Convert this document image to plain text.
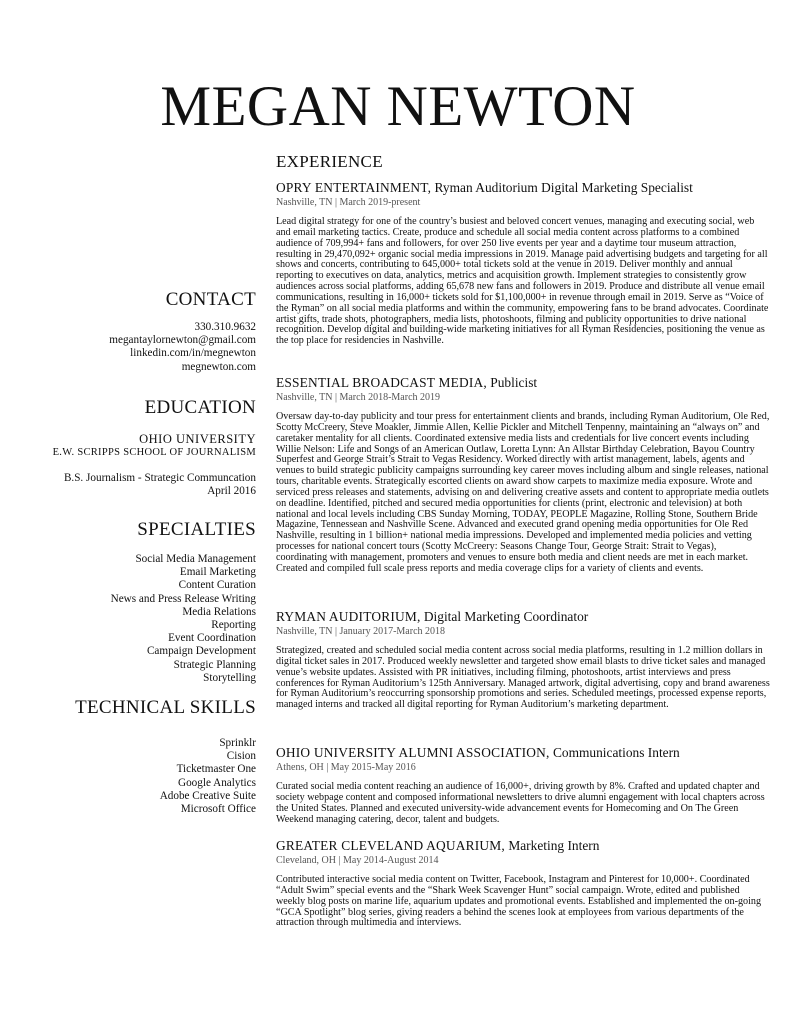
MEGAN NEWTON
CONTACT
330.310.9632
megantaylornewton@gmail.com
linkedin.com/in/megnewton
megnewton.com
EDUCATION
OHIO UNIVERSITY
E.W. SCRIPPS SCHOOL OF JOURNALISM
B.S. Journalism - Strategic Communcation
April 2016
SPECIALTIES
Social Media Management
Email Marketing
Content Curation
News and Press Release Writing
Media Relations
Reporting
Event Coordination
Campaign Development
Strategic Planning
Storytelling
TECHNICAL SKILLS
Sprinklr
Cision
Ticketmaster One
Google Analytics
Adobe Creative Suite
Microsoft Office
EXPERIENCE
OPRY ENTERTAINMENT, Ryman Auditorium Digital Marketing Specialist
Nashville, TN | March 2019-present

Lead digital strategy for one of the country’s busiest and beloved concert venues, managing and executing social, web and email marketing tactics. Create, produce and schedule all social media content across platforms to a combined audience of 709,994+ fans and followers, for over 250 live events per year and a daytime tour museum attraction, resulting in 29,470,092+ organic social media impressions in 2019. Manage paid advertising budgets and targeting for all shows and concerts, contributing to 645,000+ total tickets sold at the venue in 2019. Deliver monthly and annual reporting to executives on data, analytics, metrics and acquisition growth. Implement strategies to consistently grow audiences across social platforms, adding 65,678 new fans and followers in 2019. Produce and distribute all venue email communications, resulting in 16,000+ tickets sold for $1,100,000+ in revenue through email in 2019. Serve as “Voice of the Ryman” on all social media platforms and within the community, empowering fans to be brand advocates. Coordinate artist gifts, trade shots, photographers, media lists, photoshoots, filming and publicity opportunities to drive national recognition. Develop digital and building-wide marketing initiatives for all Ryman Residencies, positioning the venue as the top place for residencies in Nashville.

ESSENTIAL BROADCAST MEDIA, Publicist
Nashville, TN | March 2018-March 2019

Oversaw day-to-day publicity and tour press for entertainment clients and brands, including Ryman Auditorium, Ole Red, Scotty McCreery, Steve Moakler, Jimmie Allen, Kellie Pickler and Mitchell Tenpenny, maintaining an “always on” and caretaker mentality for all clients. Coordinated extensive media lists and credentials for live concert events including Willie Nelson: Life and Songs of an American Outlaw, Loretta Lynn: An Allstar Birthday Celebration, Bayou Country Superfest and George Strait’s Strait to Vegas Residency. Worked directly with artist management, labels, agents and venues to build strategic publicity campaigns surrounding key career moves including album and single releases, national tours, charitable events. Strategically escorted clients on award show carpets to maximize media exposure. Wrote and serviced press releases and statements, advising on and delivering creative assets and content to appropriate media outlets on deadline. Identified, pitched and secured media opportunities for clients (print, electronic and television) at both national and local levels including CBS Sunday Morning, TODAY, PEOPLE Magazine, Rolling Stone, Southern Bride Magazine, Tennessean and Nashville Scene. Advanced and executed grand opening media opportunities for Ole Red Nashville, resulting in 1 billion+ national media impressions. Developed and implemented media policies and vetting processes for national concert tours (Scotty McCreery: Seasons Change Tour, George Strait: Strait to Vegas), coordinating with management, promoters and venues to ensure both media and client needs are met in each market. Created and compiled full scale press reports and media coverage clips for a variety of clients and events.

RYMAN AUDITORIUM, Digital Marketing Coordinator
Nashville, TN | January 2017-March 2018

Strategized, created and scheduled social media content across social media platforms, resulting in 1.2 million dollars in digital ticket sales in 2017. Produced weekly newsletter and targeted show email blasts to drive ticket sales and managed venue’s website updates. Assisted with PR initiatives, including filming, photoshoots, artist interviews and press conferences for Ryman Auditorium’s 125th Anniversary. Managed artwork, digital advertising, copy and brand awareness for Ryman Auditorium’s reoccurring sponsorship promotions and series. Scheduled meetings, processed expense reports, managed interns and tracked all digital reporting for Ryman Auditorium’s marketing department.

OHIO UNIVERSITY ALUMNI ASSOCIATION, Communications Intern
Athens, OH | May 2015-May 2016

Curated social media content reaching an audience of 16,000+, driving growth by 8%. Crafted and updated chapter and society webpage content and composed informational newsletters to drive alumni engagement with local chapters across the United States. Planned and executed university-wide advancement events for Homecoming and On The Green Weekend managing catering, decor, talent and budgets.

GREATER CLEVELAND AQUARIUM, Marketing Intern
Cleveland, OH | May 2014-August 2014

Contributed interactive social media content on Twitter, Facebook, Instagram and Pinterest for 10,000+. Coordinated “Adult Swim” special events and the “Shark Week Scavenger Hunt” social campaign. Wrote, edited and published weekly blog posts on marine life, aquarium updates and promotional events. Established and implemented the on-going “GCA Spotlight” blog series, giving readers a behind the scenes look at employees from various departments of the attraction through multimedia and interviews.
